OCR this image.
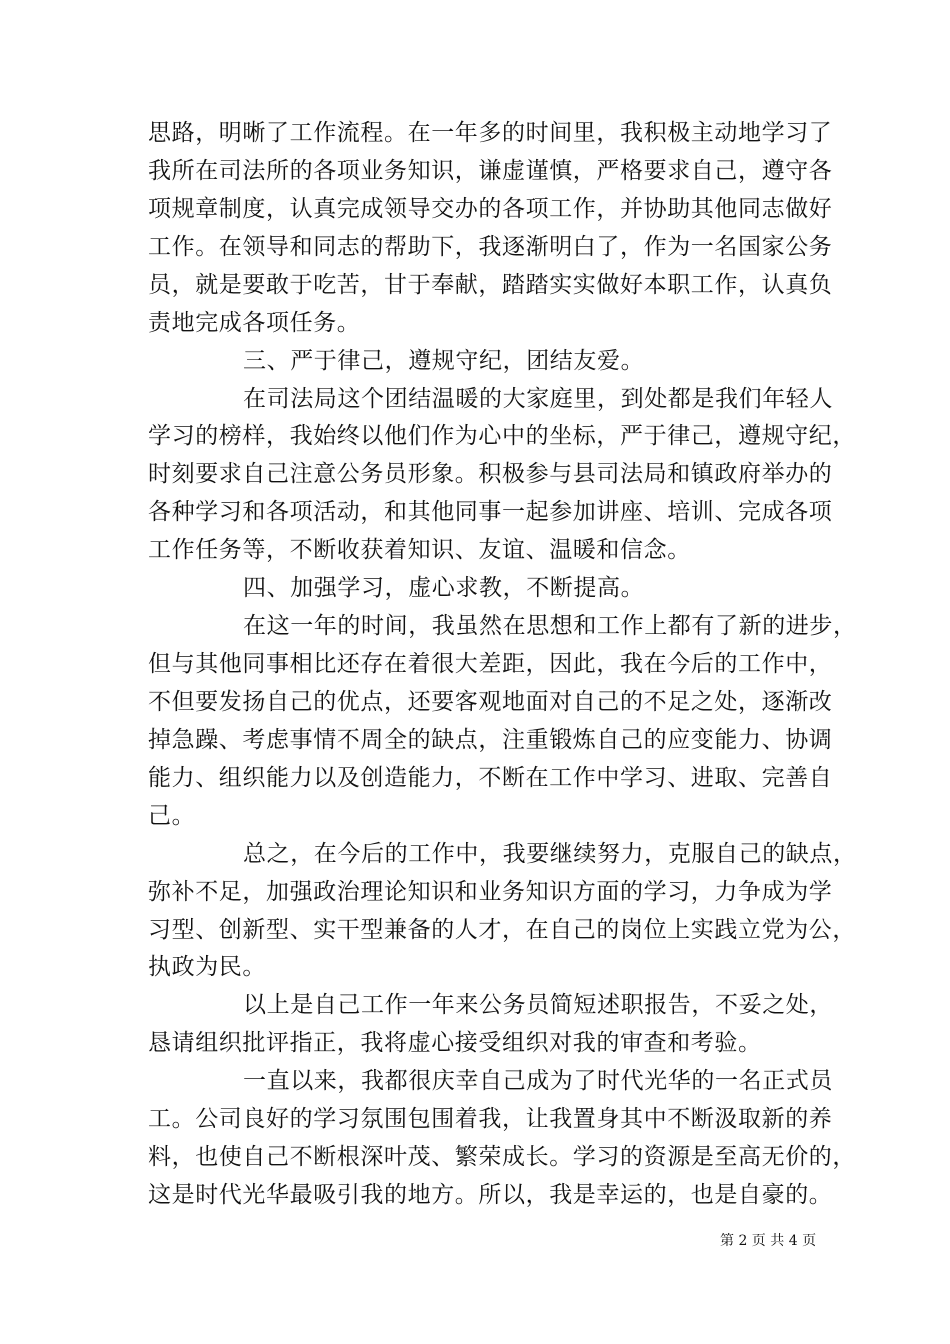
思路，明晰了工作流程。在一年多的时间里，我积极主动地学习了
我所在司法所的各项业务知识，谦虚谨慎，严格要求自己，遵守各
项规章制度，认真完成领导交办的各项工作，并协助其他同志做好
工作。在领导和同志的帮助下，我逐渐明白了，作为一名国家公务
员，就是要敢于吃苦，甘于奉献，踏踏实实做好本职工作，认真负
责地完成各项任务。
三、严于律己，遵规守纪，团结友爱。
在司法局这个团结温暖的大家庭里，到处都是我们年轻人
学习的榜样，我始终以他们作为心中的坐标，严于律己，遵规守纪，
时刻要求自己注意公务员形象。积极参与县司法局和镇政府举办的
各种学习和各项活动，和其他同事一起参加讲座、培训、完成各项
工作任务等，不断收获着知识、友谊、温暖和信念。
四、加强学习，虚心求教，不断提高。
在这一年的时间，我虽然在思想和工作上都有了新的进步，
但与其他同事相比还存在着很大差距，因此，我在今后的工作中，
不但要发扬自己的优点，还要客观地面对自己的不足之处，逐渐改
掉急躁、考虑事情不周全的缺点，注重锻炼自己的应变能力、协调
能力、组织能力以及创造能力，不断在工作中学习、进取、完善自
己。
总之，在今后的工作中，我要继续努力，克服自己的缺点，
弥补不足，加强政治理论知识和业务知识方面的学习，力争成为学
习型、创新型、实干型兼备的人才，在自己的岗位上实践立党为公，
执政为民。
以上是自己工作一年来公务员简短述职报告，不妥之处，
恳请组织批评指正，我将虚心接受组织对我的审查和考验。
一直以来，我都很庆幸自己成为了时代光华的一名正式员
工。公司良好的学习氛围包围着我，让我置身其中不断汲取新的养
料，也使自己不断根深叶茂、繁荣成长。学习的资源是至高无价的，
这是时代光华最吸引我的地方。所以，我是幸运的，也是自豪的。
第 2 页 共 4 页
